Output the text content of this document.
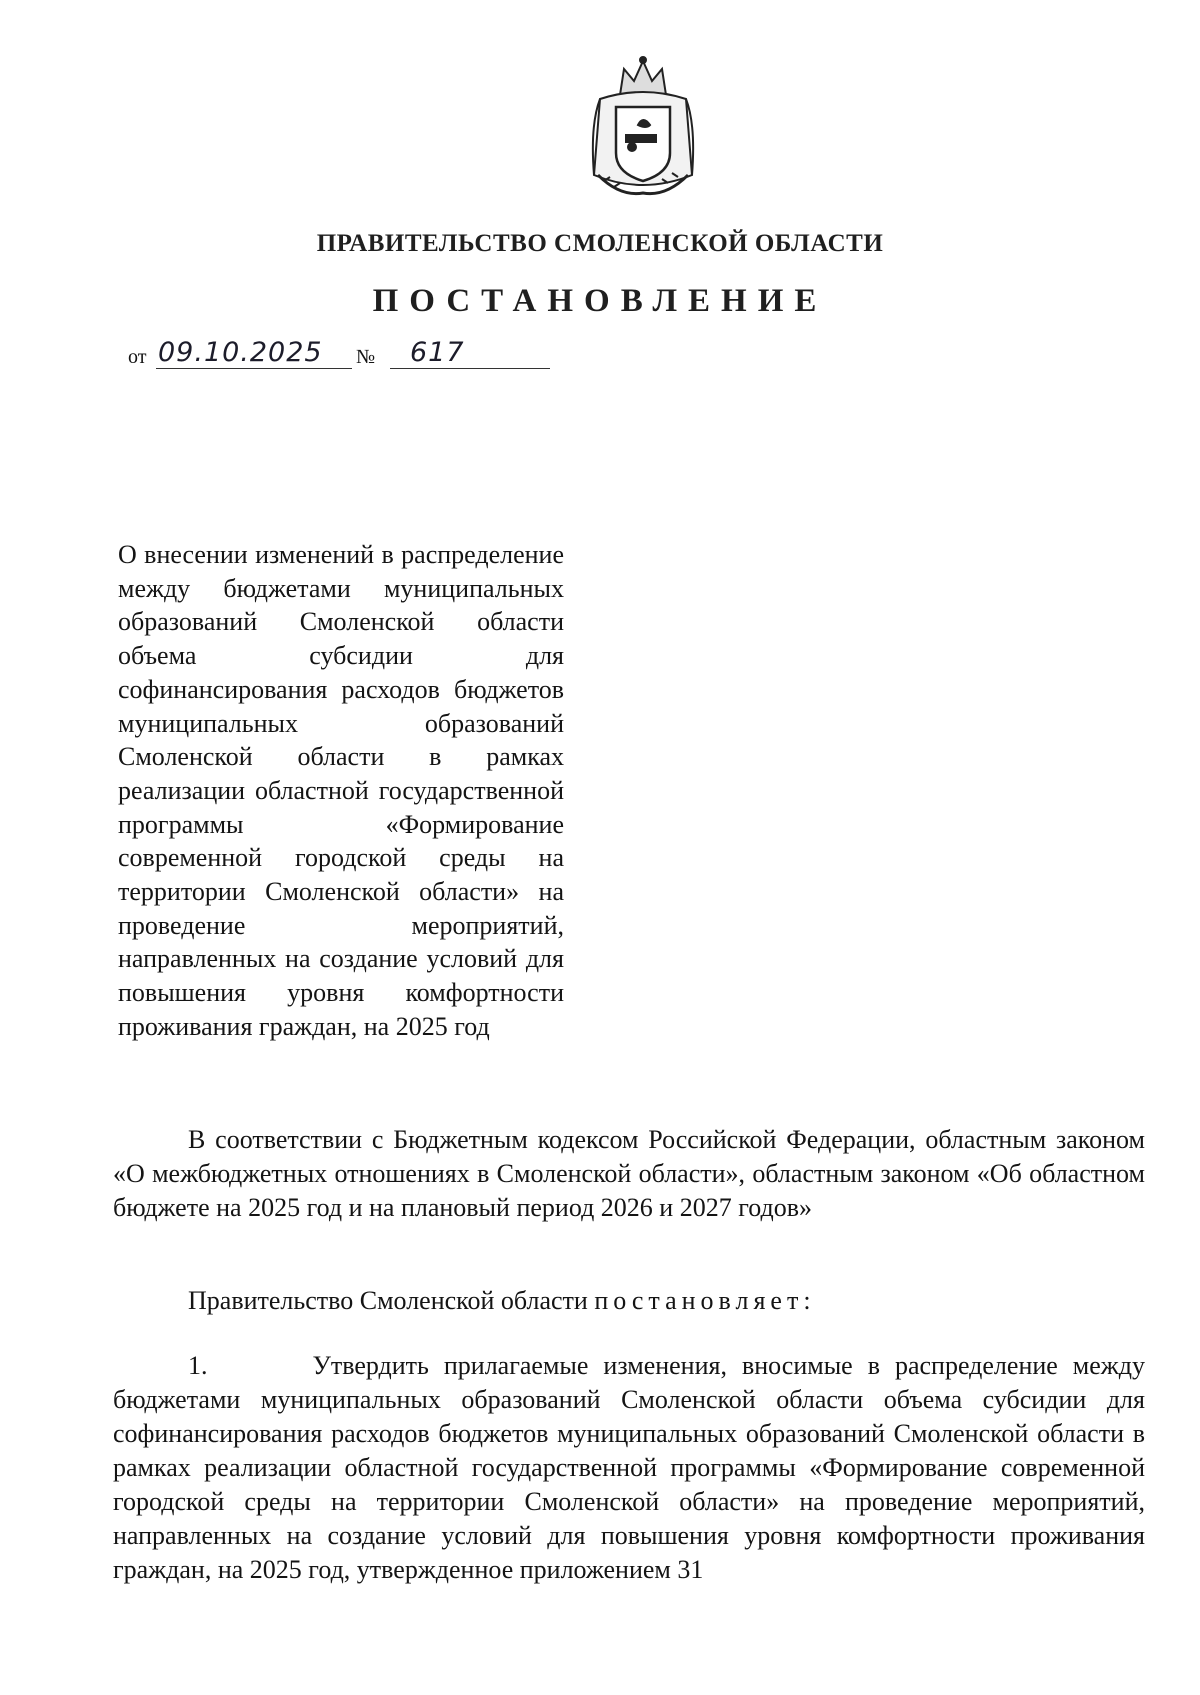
ПРАВИТЕЛЬСТВО СМОЛЕНСКОЙ ОБЛАСТИ
ПОСТАНОВЛЕНИЕ
от 09.10.2025 № 617
О внесении изменений в распределение между бюджетами муниципальных образований Смоленской области объема субсидии для софинансирования расходов бюджетов муниципальных образований Смоленской области в рамках реализации областной государственной программы «Формирование современной городской среды на территории Смоленской области» на проведение мероприятий, направленных на создание условий для повышения уровня комфортности проживания граждан, на 2025 год
В соответствии с Бюджетным кодексом Российской Федерации, областным законом «О межбюджетных отношениях в Смоленской области», областным законом «Об областном бюджете на 2025 год и на плановый период 2026 и 2027 годов»
Правительство Смоленской области постановляет:
1.	Утвердить прилагаемые изменения, вносимые в распределение между бюджетами муниципальных образований Смоленской области объема субсидии для софинансирования расходов бюджетов муниципальных образований Смоленской области в рамках реализации областной государственной программы «Формирование современной городской среды на территории Смоленской области» на проведение мероприятий, направленных на создание условий для повышения уровня комфортности проживания граждан, на 2025 год, утвержденное приложением 31
